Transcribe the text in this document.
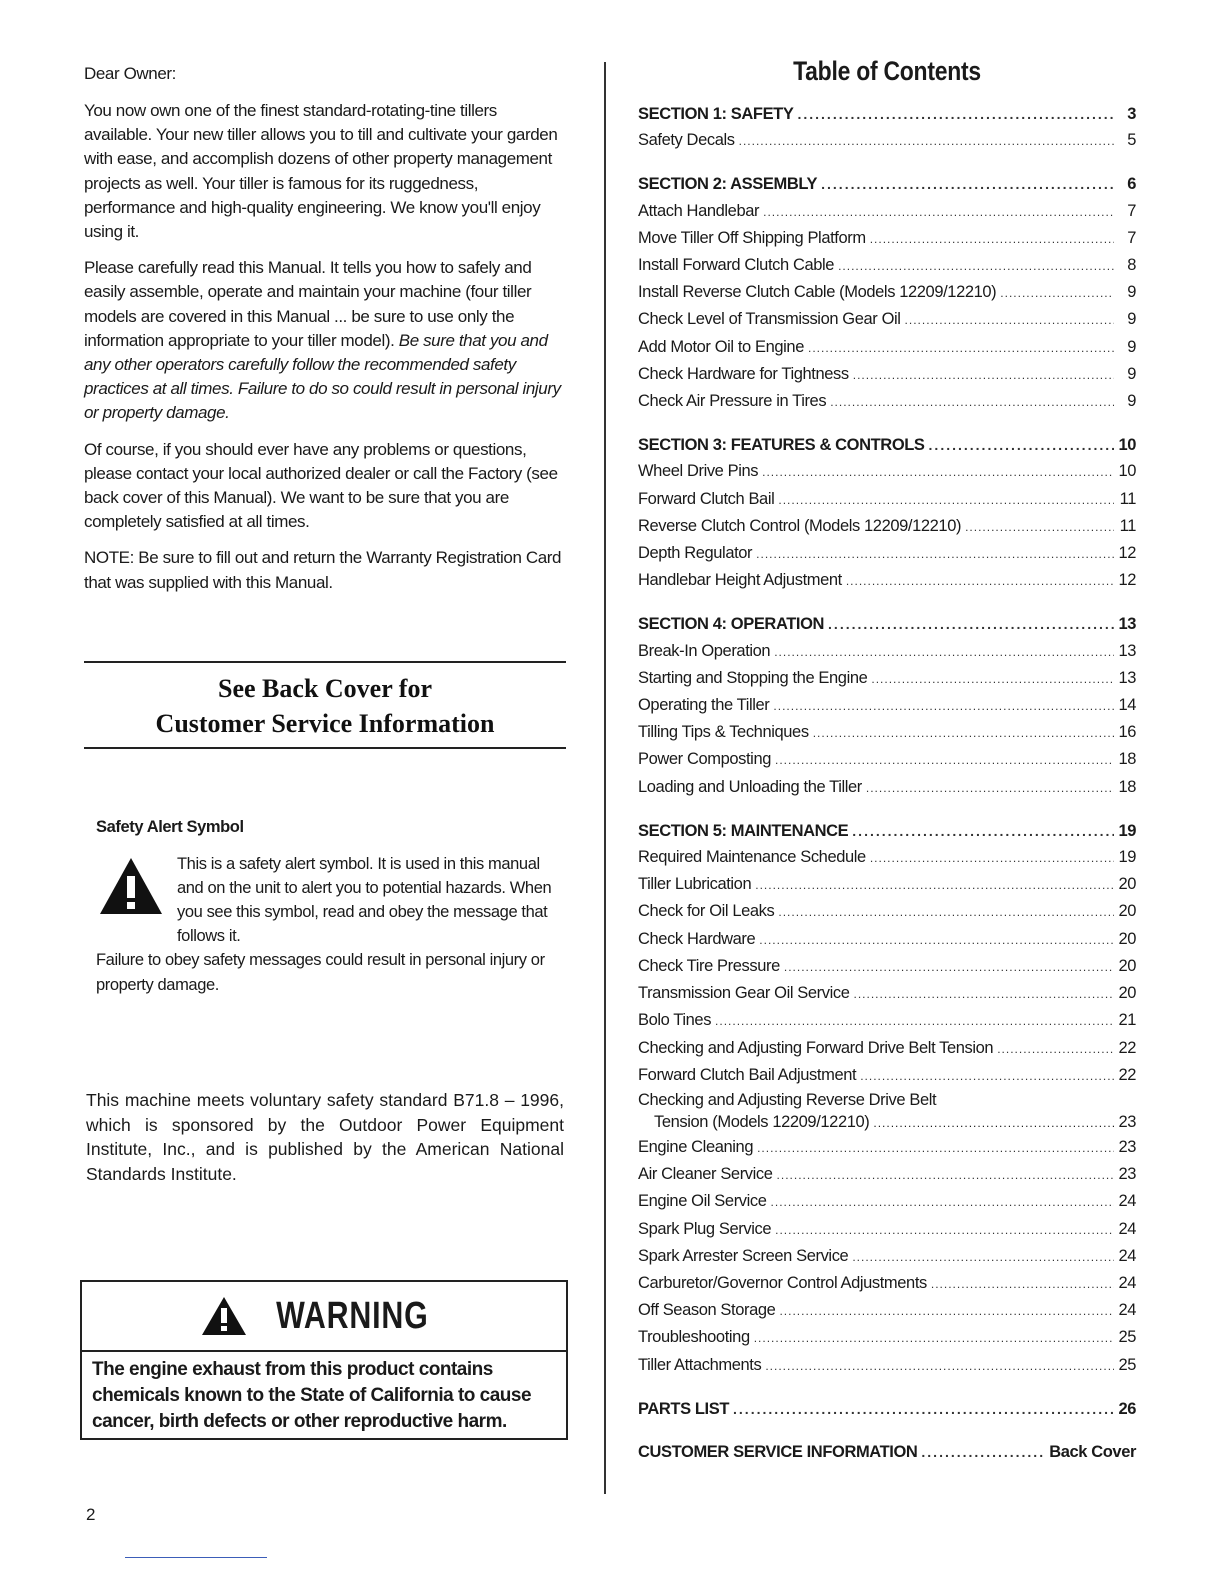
Dear Owner:

You now own one of the finest standard-rotating-tine tillers available. Your new tiller allows you to till and cultivate your garden with ease, and accomplish dozens of other property management projects as well. Your tiller is famous for its ruggedness, performance and high-quality engineering. We know you'll enjoy using it.

Please carefully read this Manual. It tells you how to safely and easily assemble, operate and maintain your machine (four tiller models are covered in this Manual ... be sure to use only the information appropriate to your tiller model). Be sure that you and any other operators carefully follow the recommended safety practices at all times. Failure to do so could result in personal injury or property damage.

Of course, if you should ever have any problems or questions, please contact your local authorized dealer or call the Factory (see back cover of this Manual). We want to be sure that you are completely satisfied at all times.

NOTE: Be sure to fill out and return the Warranty Registration Card that was supplied with this Manual.

See Back Cover for
Customer Service Information
Safety Alert Symbol

This is a safety alert symbol. It is used in this manual and on the unit to alert you to potential hazards. When you see this symbol, read and obey the message that follows it.

Failure to obey safety messages could result in personal injury or property damage.

This machine meets voluntary safety standard B71.8 – 1996, which is sponsored by the Outdoor Power Equipment Institute, Inc., and is published by the American National Standards Institute.

WARNING
The engine exhaust from this product contains chemicals known to the State of California to cause cancer, birth defects or other reproductive harm.
2
Table of Contents
SECTION 1: SAFETY .....	3
Safety Decals .....	5
SECTION 2: ASSEMBLY .....	6
Attach Handlebar .....	7
Move Tiller Off Shipping Platform .....	7
Install Forward Clutch Cable .....	8
Install Reverse Clutch Cable (Models 12209/12210) .....	9
Check Level of Transmission Gear Oil .....	9
Add Motor Oil to Engine .....	9
Check Hardware for Tightness .....	9
Check Air Pressure in Tires .....	9
SECTION 3: FEATURES & CONTROLS .....	10
Wheel Drive Pins .....	10
Forward Clutch Bail .....	11
Reverse Clutch Control (Models 12209/12210) .....	11
Depth Regulator .....	12
Handlebar Height Adjustment .....	12
SECTION 4: OPERATION .....	13
Break-In Operation .....	13
Starting and Stopping the Engine .....	13
Operating the Tiller .....	14
Tilling Tips & Techniques .....	16
Power Composting .....	18
Loading and Unloading the Tiller .....	18
SECTION 5: MAINTENANCE .....	19
Required Maintenance Schedule .....	19
Tiller Lubrication .....	20
Check for Oil Leaks .....	20
Check Hardware .....	20
Check Tire Pressure .....	20
Transmission Gear Oil Service .....	20
Bolo Tines .....	21
Checking and Adjusting Forward Drive Belt Tension .....	22
Forward Clutch Bail Adjustment .....	22
Checking and Adjusting Reverse Drive Belt
Tension (Models 12209/12210) .....	23
Engine Cleaning .....	23
Air Cleaner Service .....	23
Engine Oil Service .....	24
Spark Plug Service .....	24
Spark Arrester Screen Service .....	24
Carburetor/Governor Control Adjustments .....	24
Off Season Storage .....	24
Troubleshooting .....	25
Tiller Attachments .....	25
PARTS LIST .....	26
CUSTOMER SERVICE INFORMATION .....	Back Cover
